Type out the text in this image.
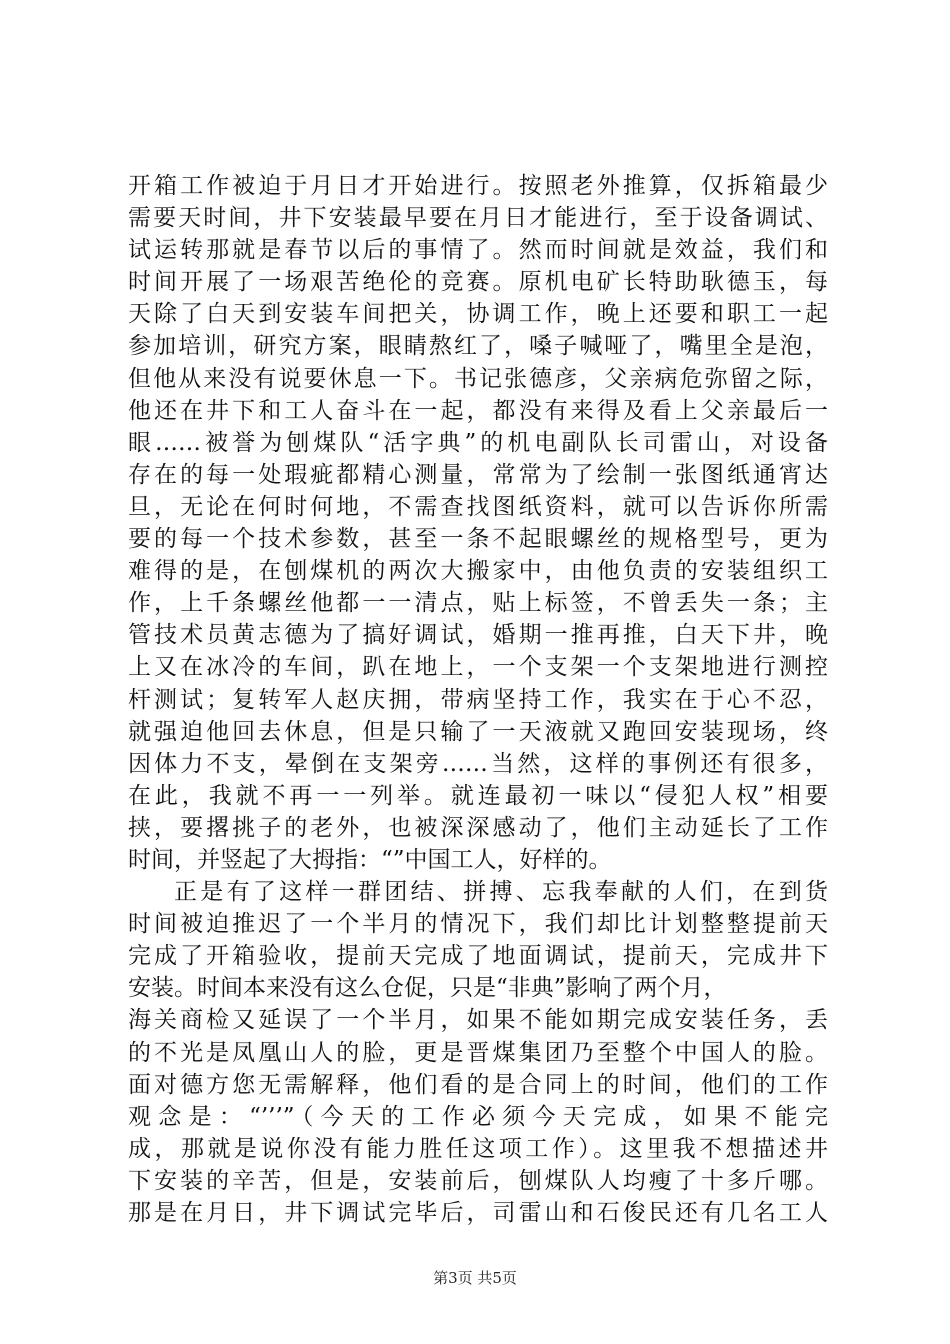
开箱工作被迫于月日才开始进行。按照老外推算，仅拆箱最少
需要天时间，井下安装最早要在月日才能进行，至于设备调试、
试运转那就是春节以后的事情了。然而时间就是效益，我们和
时间开展了一场艰苦绝伦的竞赛。原机电矿长特助耿德玉，每
天除了白天到安装车间把关，协调工作，晚上还要和职工一起
参加培训，研究方案，眼睛熬红了，嗓子喊哑了，嘴里全是泡，
但他从来没有说要休息一下。书记张德彦，父亲病危弥留之际，
他还在井下和工人奋斗在一起，都没有来得及看上父亲最后一
眼……被誉为刨煤队“活字典”的机电副队长司雷山，对设备
存在的每一处瑕疵都精心测量，常常为了绘制一张图纸通宵达
旦，无论在何时何地，不需查找图纸资料，就可以告诉你所需
要的每一个技术参数，甚至一条不起眼螺丝的规格型号，更为
难得的是，在刨煤机的两次大搬家中，由他负责的安装组织工
作，上千条螺丝他都一一清点，贴上标签，不曾丢失一条；主
管技术员黄志德为了搞好调试，婚期一推再推，白天下井，晚
上又在冰冷的车间，趴在地上，一个支架一个支架地进行测控
杆测试；复转军人赵庆拥，带病坚持工作，我实在于心不忍，
就强迫他回去休息，但是只输了一天液就又跑回安装现场，终
因体力不支，晕倒在支架旁……当然，这样的事例还有很多，
在此，我就不再一一列举。就连最初一味以“侵犯人权”相要
挟，要撂挑子的老外，也被深深感动了，他们主动延长了工作
时间，并竖起了大拇指：“”中国工人，好样的。
正是有了这样一群团结、拼搏、忘我奉献的人们，在到货
时间被迫推迟了一个半月的情况下，我们却比计划整整提前天
完成了开箱验收，提前天完成了地面调试，提前天，完成井下
安装。时间本来没有这么仓促，只是“非典”影响了两个月，
海关商检又延误了一个半月，如果不能如期完成安装任务，丢
的不光是凤凰山人的脸，更是晋煤集团乃至整个中国人的脸。
面对德方您无需解释，他们看的是合同上的时间，他们的工作
观念是：“’’’”（今天的工作必须今天完成，如果不能完
成，那就是说你没有能力胜任这项工作）。这里我不想描述井
下安装的辛苦，但是，安装前后，刨煤队人均瘦了十多斤哪。
那是在月日，井下调试完毕后，司雷山和石俊民还有几名工人
第3页 共5页
